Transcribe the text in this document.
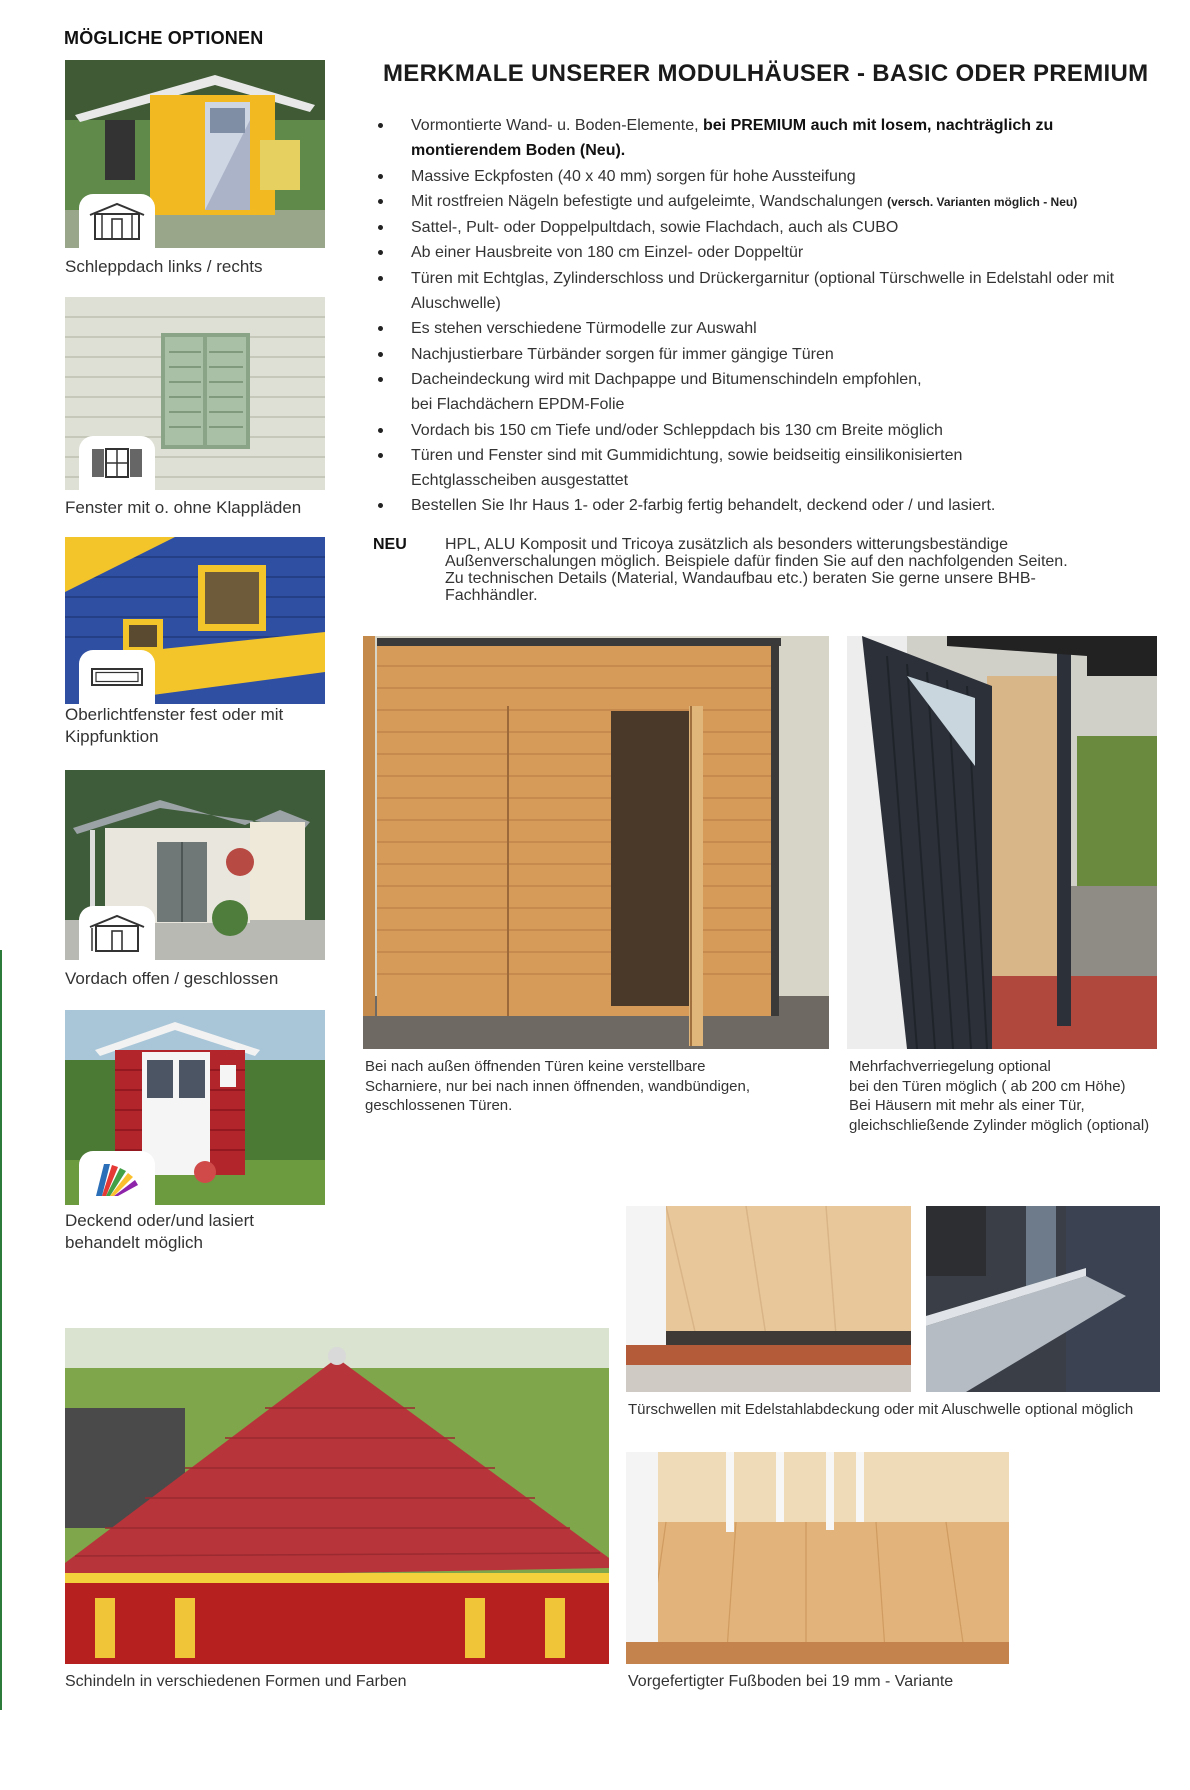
MÖGLICHE OPTIONEN
MERKMALE UNSERER MODULHÄUSER - BASIC ODER PREMIUM
Vormontierte Wand- u. Boden-Elemente, bei PREMIUM auch mit losem, nachträglich zu montierendem Boden (Neu).
Massive Eckpfosten (40 x 40 mm) sorgen für hohe Aussteifung
Mit rostfreien Nägeln befestigte und aufgeleimte, Wandschalungen (versch. Varianten möglich - Neu)
Sattel-, Pult- oder Doppelpultdach, sowie Flachdach, auch als CUBO
Ab einer Hausbreite von 180 cm Einzel- oder Doppeltür
Türen mit Echtglas, Zylinderschloss und Drückergarnitur (optional Türschwelle in Edelstahl oder mit Aluschwelle)
Es stehen verschiedene Türmodelle zur Auswahl
Nachjustierbare Türbänder sorgen für immer gängige Türen
Dacheindeckung wird mit Dachpappe und Bitumenschindeln empfohlen,
bei Flachdächern EPDM-Folie
Vordach bis 150 cm Tiefe und/oder Schleppdach bis 130 cm Breite möglich
Türen und Fenster sind mit Gummidichtung, sowie beidseitig einsilikonisierten
Echtglasscheiben ausgestattet
Bestellen Sie Ihr Haus 1- oder 2-farbig fertig behandelt, deckend oder / und lasiert.
NEU HPL, ALU Komposit und Tricoya zusätzlich als besonders witterungsbeständige
Außenverschalungen möglich. Beispiele dafür finden Sie auf den nachfolgenden Seiten.
Zu technischen Details (Material, Wandaufbau etc.) beraten Sie gerne unsere BHB-
Fachhändler.
Schleppdach links / rechts
Fenster mit o. ohne Klappläden
Oberlichtfenster fest oder mit
Kippfunktion
Vordach offen / geschlossen
Deckend oder/und lasiert
behandelt möglich
Bei nach außen öffnenden Türen keine verstellbare
Scharniere, nur bei nach innen öffnenden, wandbündigen,
geschlossenen Türen.
Mehrfachverriegelung optional
bei den Türen möglich ( ab 200 cm Höhe)
Bei Häusern mit mehr als einer Tür,
gleichschließende Zylinder möglich (optional)
Türschwellen mit Edelstahlabdeckung oder mit Aluschwelle optional möglich
Vorgefertigter Fußboden bei 19 mm - Variante
Schindeln in verschiedenen Formen und Farben
